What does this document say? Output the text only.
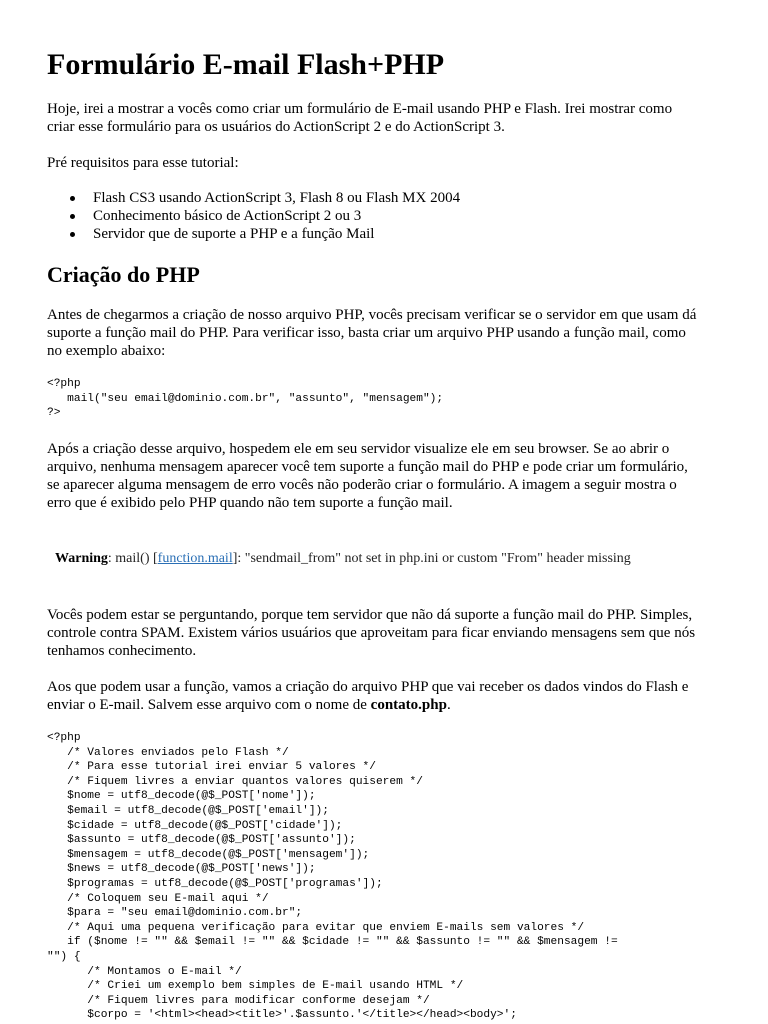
Formulário E-mail Flash+PHP
Hoje, irei a mostrar a vocês como criar um formulário de E-mail usando PHP e Flash. Irei mostrar como
criar esse formulário para os usuários do ActionScript 2 e do ActionScript 3.
Pré requisitos para esse tutorial:
Flash CS3 usando ActionScript 3, Flash 8 ou Flash MX 2004
Conhecimento básico de ActionScript 2 ou 3
Servidor que de suporte a PHP e a função Mail
Criação do PHP
Antes de chegarmos a criação de nosso arquivo PHP, vocês precisam verificar se o servidor em que usam dá
suporte a função mail do PHP. Para verificar isso, basta criar um arquivo PHP usando a função mail, como
no exemplo abaixo:
<?php
mail("seu email@dominio.com.br", "assunto", "mensagem");
?>
Após a criação desse arquivo, hospedem ele em seu servidor visualize ele em seu browser. Se ao abrir o
arquivo, nenhuma mensagem aparecer você tem suporte a função mail do PHP e pode criar um formulário,
se aparecer alguma mensagem de erro vocês não poderão criar o formulário. A imagem a seguir mostra o
erro que é exibido pelo PHP quando não tem suporte a função mail.
Warning: mail() [function.mail]: "sendmail_from" not set in php.ini or custom "From" header missing
Vocês podem estar se perguntando, porque tem servidor que não dá suporte a função mail do PHP. Simples,
controle contra SPAM. Existem vários usuários que aproveitam para ficar enviando mensagens sem que nós
tenhamos conhecimento.
Aos que podem usar a função, vamos a criação do arquivo PHP que vai receber os dados vindos do Flash e
enviar o E-mail. Salvem esse arquivo com o nome de contato.php.
<?php
/* Valores enviados pelo Flash */
/* Para esse tutorial irei enviar 5 valores */
/* Fiquem livres a enviar quantos valores quiserem */
$nome = utf8_decode(@$_POST['nome']);
$email = utf8_decode(@$_POST['email']);
$cidade = utf8_decode(@$_POST['cidade']);
$assunto = utf8_decode(@$_POST['assunto']);
$mensagem = utf8_decode(@$_POST['mensagem']);
$news = utf8_decode(@$_POST['news']);
$programas = utf8_decode(@$_POST['programas']);
/* Coloquem seu E-mail aqui */
$para = "seu email@dominio.com.br";
/* Aqui uma pequena verificação para evitar que enviem E-mails sem valores */
if ($nome != "" && $email != "" && $cidade != "" && $assunto != "" && $mensagem !=
"") {
/* Montamos o E-mail */
/* Criei um exemplo bem simples de E-mail usando HTML */
/* Fiquem livres para modificar conforme desejam */
$corpo = '<html><head><title>'.$assunto.'</title></head><body>';
